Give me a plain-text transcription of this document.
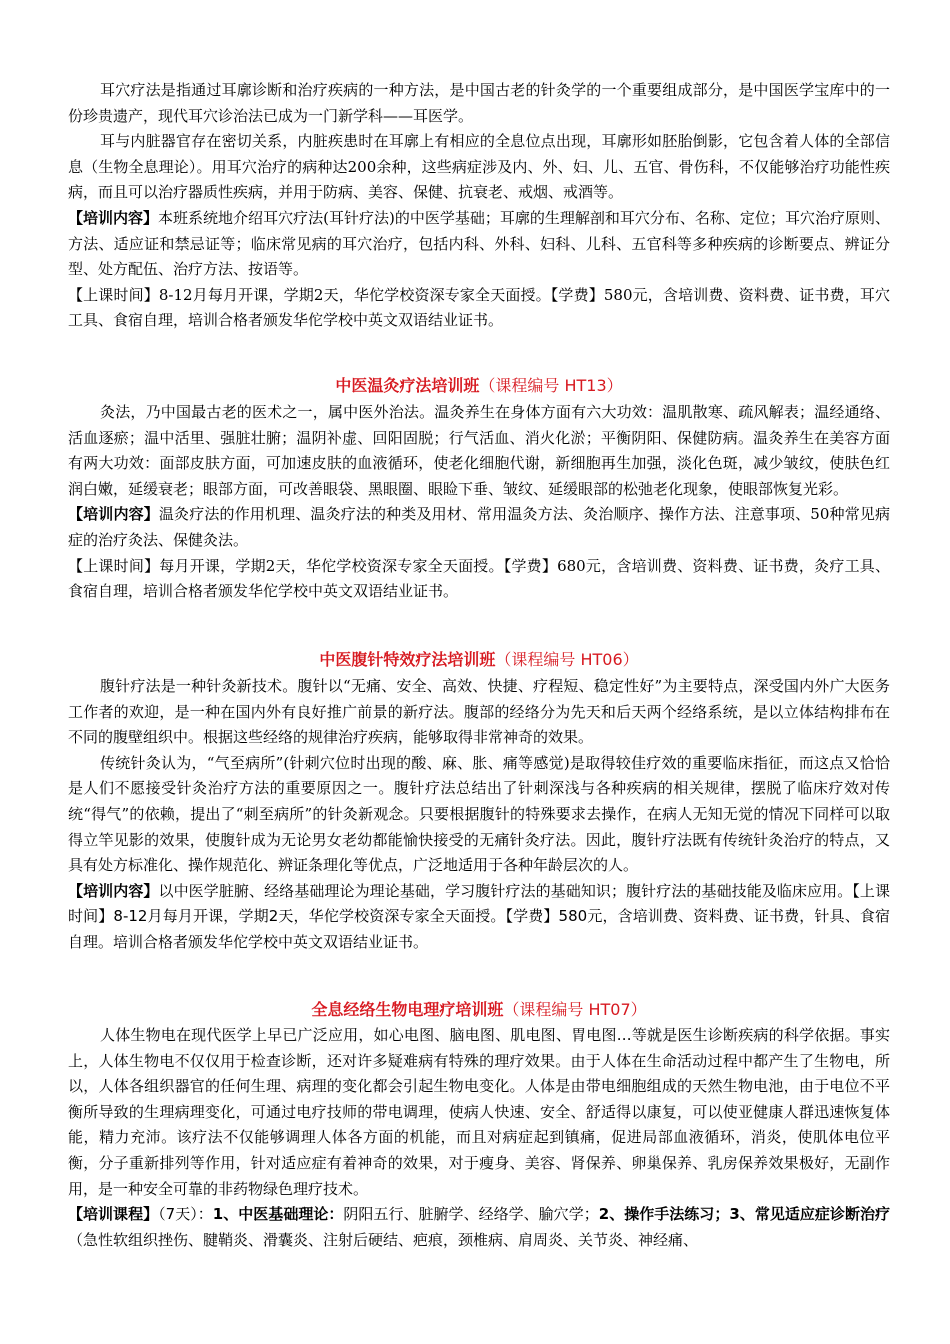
耳穴疗法是指通过耳廓诊断和治疗疾病的一种方法，是中国古老的针灸学的一个重要组成部分，是中国医学宝库中的一份珍贵遗产，现代耳穴诊治法已成为一门新学科——耳医学。

耳与内脏器官存在密切关系，内脏疾患时在耳廓上有相应的全息位点出现，耳廓形如胚胎倒影，它包含着人体的全部信息（生物全息理论）。用耳穴治疗的病种达200余种，这些病症涉及内、外、妇、儿、五官、骨伤科，不仅能够治疗功能性疾病，而且可以治疗器质性疾病，并用于防病、美容、保健、抗衰老、戒烟、戒酒等。

【培训内容】本班系统地介绍耳穴疗法(耳针疗法)的中医学基础；耳廓的生理解剖和耳穴分布、名称、定位；耳穴治疗原则、方法、适应证和禁忌证等；临床常见病的耳穴治疗，包括内科、外科、妇科、儿科、五官科等多种疾病的诊断要点、辨证分型、处方配伍、治疗方法、按语等。

【上课时间】8-12月每月开课，学期2天，华佗学校资深专家全天面授。【学费】580元，含培训费、资料费、证书费，耳穴工具、食宿自理，培训合格者颁发华佗学校中英文双语结业证书。

中医温灸疗法培训班（课程编号 HT13）

灸法，乃中国最古老的医术之一，属中医外治法。温灸养生在身体方面有六大功效：温肌散寒、疏风解表；温经通络、活血逐瘀；温中活里、强脏壮腑；温阴补虚、回阳固脱；行气活血、消火化淤；平衡阴阳、保健防病。温灸养生在美容方面有两大功效：面部皮肤方面，可加速皮肤的血液循环，使老化细胞代谢，新细胞再生加强，淡化色斑，减少皱纹，使肤色红润白嫩，延缓衰老；眼部方面，可改善眼袋、黑眼圈、眼睑下垂、皱纹、延缓眼部的松弛老化现象，使眼部恢复光彩。

【培训内容】温灸疗法的作用机理、温灸疗法的种类及用材、常用温灸方法、灸治顺序、操作方法、注意事项、50种常见病症的治疗灸法、保健灸法。

【上课时间】每月开课，学期2天，华佗学校资深专家全天面授。【学费】680元，含培训费、资料费、证书费，灸疗工具、食宿自理，培训合格者颁发华佗学校中英文双语结业证书。

中医腹针特效疗法培训班（课程编号 HT06）

腹针疗法是一种针灸新技术。腹针以“无痛、安全、高效、快捷、疗程短、稳定性好”为主要特点，深受国内外广大医务工作者的欢迎，是一种在国内外有良好推广前景的新疗法。腹部的经络分为先天和后天两个经络系统，是以立体结构排布在不同的腹壁组织中。根据这些经络的规律治疗疾病，能够取得非常神奇的效果。

传统针灸认为，“气至病所”(针刺穴位时出现的酸、麻、胀、痛等感觉)是取得较佳疗效的重要临床指征，而这点又恰恰是人们不愿接受针灸治疗方法的重要原因之一。腹针疗法总结出了针刺深浅与各种疾病的相关规律，摆脱了临床疗效对传统“得气”的依赖，提出了“刺至病所”的针灸新观念。只要根据腹针的特殊要求去操作，在病人无知无觉的情况下同样可以取得立竿见影的效果，使腹针成为无论男女老幼都能愉快接受的无痛针灸疗法。因此，腹针疗法既有传统针灸治疗的特点，又具有处方标准化、操作规范化、辨证条理化等优点，广泛地适用于各种年龄层次的人。

【培训内容】以中医学脏腑、经络基础理论为理论基础，学习腹针疗法的基础知识；腹针疗法的基础技能及临床应用。【上课时间】8-12月每月开课，学期2天，华佗学校资深专家全天面授。【学费】580元，含培训费、资料费、证书费，针具、食宿自理。培训合格者颁发华佗学校中英文双语结业证书。

全息经络生物电理疗培训班（课程编号 HT07）

人体生物电在现代医学上早已广泛应用，如心电图、脑电图、肌电图、胃电图…等就是医生诊断疾病的科学依据。事实上，人体生物电不仅仅用于检查诊断，还对许多疑难病有特殊的理疗效果。由于人体在生命活动过程中都产生了生物电，所以，人体各组织器官的任何生理、病理的变化都会引起生物电变化。人体是由带电细胞组成的天然生物电池，由于电位不平衡所导致的生理病理变化，可通过电疗技师的带电调理，使病人快速、安全、舒适得以康复，可以使亚健康人群迅速恢复体能，精力充沛。该疗法不仅能够调理人体各方面的机能，而且对病症起到镇痛，促进局部血液循环，消炎，使肌体电位平衡，分子重新排列等作用，针对适应症有着神奇的效果，对于瘦身、美容、肾保养、卵巢保养、乳房保养效果极好，无副作用，是一种安全可靠的非药物绿色理疗技术。

【培训课程】（7天）：1、中医基础理论：阴阳五行、脏腑学、经络学、腧穴学；2、操作手法练习；3、常见适应症诊断治疗（急性软组织挫伤、腱鞘炎、滑囊炎、注射后硬结、疤痕，颈椎病、肩周炎、关节炎、神经痛、
